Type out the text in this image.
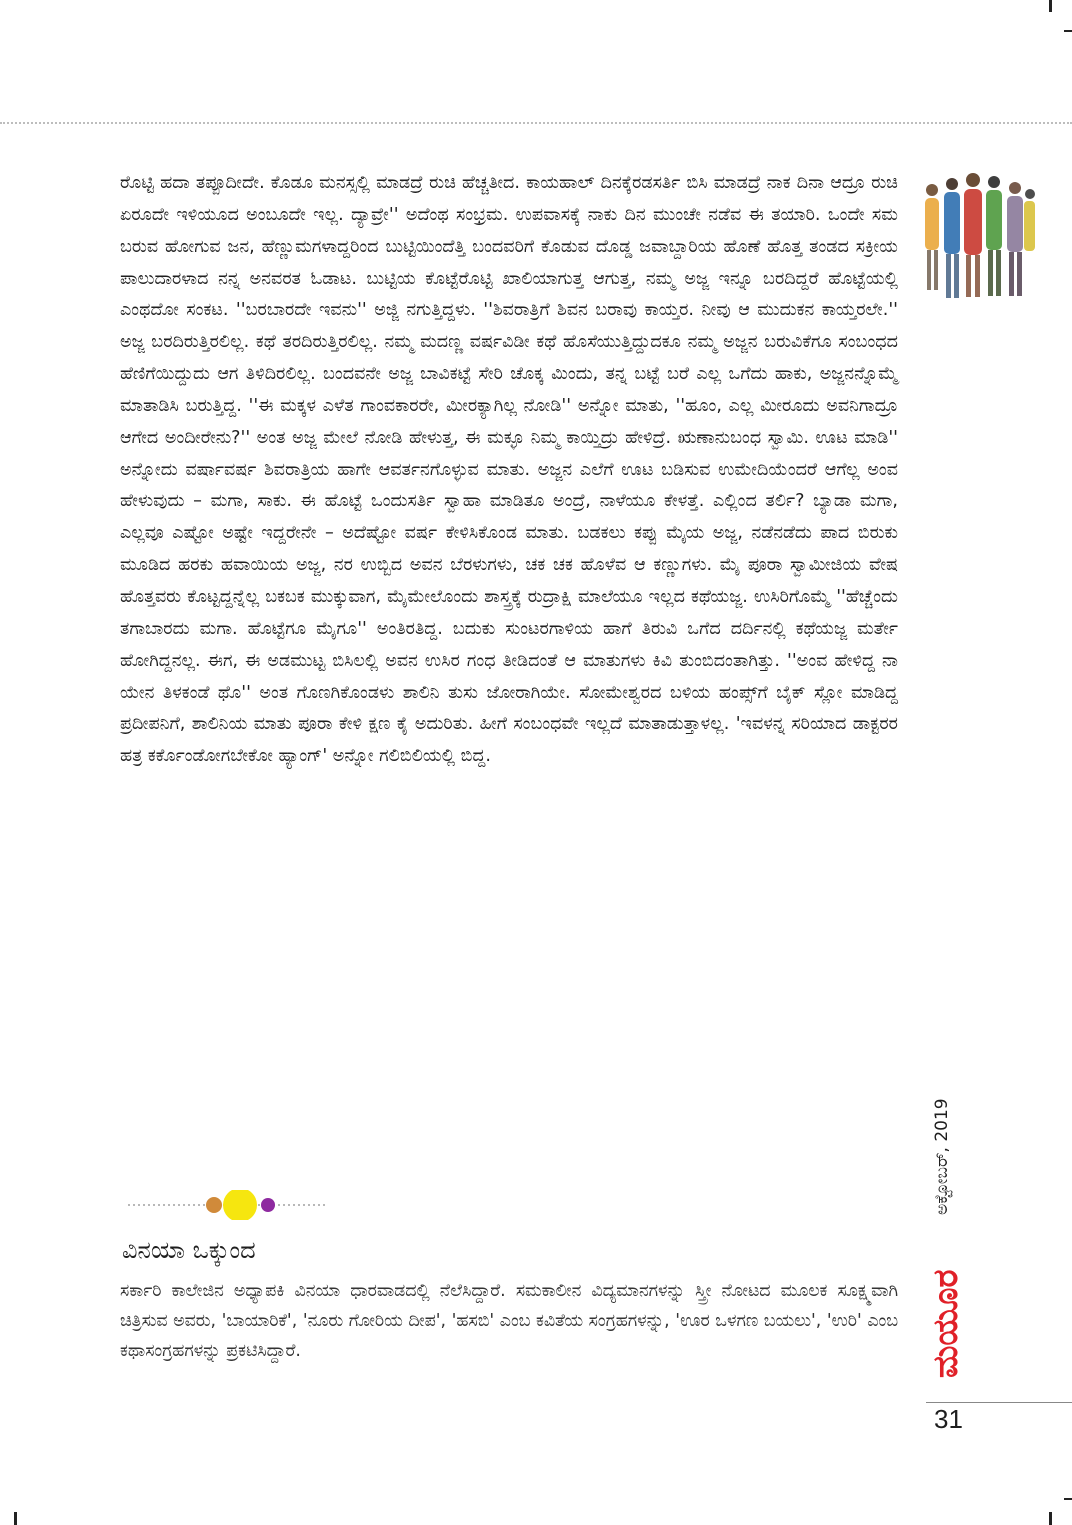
ರೊಟ್ಟಿ ಹದಾ ತಪ್ಪೂದೀದೇ. ಕೊಡೂ ಮನಸ್ಸಲ್ಲಿ ಮಾಡದ್ರೆ ರುಚಿ ಹೆಚ್ಚತೀದ. ಕಾಯಹಾಲ್ ದಿನಕ್ಕೆರಡಸರ್ತಿ ಬಿಸಿ ಮಾಡದ್ರೆ ನಾಕ ದಿನಾ ಆದ್ರೂ ರುಚಿ ಏರೂದೇ ಇಳಿಯೂದ ಅಂಬೂದೇ ಇಲ್ಲ. ದ್ಯಾವ್ರೇ'' ಅದೆಂಥ ಸಂಭ್ರಮ. ಉಪವಾಸಕ್ಕೆ ನಾಕು ದಿನ ಮುಂಚೇ ನಡೆವ ಈ ತಯಾರಿ. ಒಂದೇ ಸಮ ಬರುವ ಹೋಗುವ ಜನ, ಹೆಣ್ಣುಮಗಳಾದ್ದರಿಂದ ಬುಟ್ಟಿಯಿಂದೆತ್ತಿ ಬಂದವರಿಗೆ ಕೊಡುವ ದೊಡ್ಡ ಜವಾಬ್ದಾರಿಯ ಹೊಣೆ ಹೊತ್ತ ತಂಡದ ಸಕ್ರೀಯ ಪಾಲುದಾರಳಾದ ನನ್ನ ಅನವರತ ಓಡಾಟ. ಬುಟ್ಟಿಯ ಕೊಟ್ಟೆರೊಟ್ಟಿ ಖಾಲಿಯಾಗುತ್ತ ಆಗುತ್ತ, ನಮ್ಮ ಅಜ್ಜ ಇನ್ನೂ ಬರದಿದ್ದರೆ ಹೊಟ್ಟೆಯಲ್ಲಿ ಎಂಥದೋ ಸಂಕಟ. ''ಬರಬಾರದೇ ಇವನು'' ಅಜ್ಜಿ ನಗುತ್ತಿದ್ದಳು. ''ಶಿವರಾತ್ರಿಗೆ ಶಿವನ ಬರಾವು ಕಾಯ್ತರ. ನೀವು ಆ ಮುದುಕನ ಕಾಯ್ತರಲೇ.'' ಅಜ್ಜ ಬರದಿರುತ್ತಿರಲಿಲ್ಲ. ಕಥೆ ತರದಿರುತ್ತಿರಲಿಲ್ಲ. ನಮ್ಮ ಮದಣ್ಣ ವರ್ಷವಿಡೀ ಕಥೆ ಹೊಸೆಯುತ್ತಿದ್ದುದಕೂ ನಮ್ಮ ಅಜ್ಜನ ಬರುವಿಕೆಗೂ ಸಂಬಂಧದ ಹೆಣಿಗೆಯಿದ್ದುದು ಆಗ ತಿಳಿದಿರಲಿಲ್ಲ. ಬಂದವನೇ ಅಜ್ಜ ಬಾವಿಕಟ್ಟೆ ಸೇರಿ ಚೊಕ್ಕ ಮಿಂದು, ತನ್ನ ಬಟ್ಟೆ ಬರೆ ಎಲ್ಲ ಒಗೆದು ಹಾಕು, ಅಜ್ಜನನ್ನೊಮ್ಮೆ ಮಾತಾಡಿಸಿ ಬರುತ್ತಿದ್ದ. ''ಈ ಮಕ್ಕಳ ಎಳೆತ ಗಾಂವಕಾರರೇ, ಮೀರಕ್ಯಾಗಿಲ್ಲ ನೋಡಿ'' ಅನ್ನೋ ಮಾತು, ''ಹೂಂ, ಎಲ್ಲ ಮೀರೂದು ಅವನಿಗಾದ್ರೂ ಆಗೇದ ಅಂದೀರೇನು?'' ಅಂತ ಅಜ್ಜ ಮೇಲೆ ನೋಡಿ ಹೇಳುತ್ತ, ಈ ಮಕ್ಳೂ ನಿಮ್ಮ ಕಾಯ್ತಿದ್ರು ಹೇಳಿದ್ರೆ. ಋಣಾನುಬಂಧ ಸ್ವಾಮಿ. ಊಟ ಮಾಡಿ'' ಅನ್ನೋದು ವರ್ಷಾವರ್ಷ ಶಿವರಾತ್ರಿಯ ಹಾಗೇ ಆವರ್ತನಗೊಳ್ಳುವ ಮಾತು. ಅಜ್ಜನ ಎಲೆಗೆ ಊಟ ಬಡಿಸುವ ಉಮೇದಿಯೆಂದರೆ ಆಗೆಲ್ಲ ಅಂವ ಹೇಳುವುದು – ಮಗಾ, ಸಾಕು. ಈ ಹೊಟ್ಟೆ ಒಂದುಸರ್ತಿ ಸ್ವಾಹಾ ಮಾಡಿತೂ ಅಂದ್ರೆ, ನಾಳೆಯೂ ಕೇಳತ್ತೆ. ಎಲ್ಲಿಂದ ತರ್ಲಿ? ಬ್ಯಾಡಾ ಮಗಾ, ಎಲ್ಲವೂ ಎಷ್ಟೋ ಅಷ್ಟೇ ಇದ್ದರೇನೇ – ಅದೆಷ್ಟೋ ವರ್ಷ ಕೇಳಿಸಿಕೊಂಡ ಮಾತು. ಬಡಕಲು ಕಪ್ಪು ಮೈಯ ಅಜ್ಜ, ನಡೆನಡೆದು ಪಾದ ಬಿರುಕು ಮೂಡಿದ ಹರಕು ಹವಾಯಿಯ ಅಜ್ಜ, ನರ ಉಬ್ಬಿದ ಅವನ ಬೆರಳುಗಳು, ಚಕ ಚಕ ಹೊಳೆವ ಆ ಕಣ್ಣುಗಳು. ಮೈ ಪೂರಾ ಸ್ವಾಮೀಜಿಯ ವೇಷ ಹೊತ್ತವರು ಕೊಟ್ಟದ್ದನ್ನೆಲ್ಲ ಬಕಬಕ ಮುಕ್ಕುವಾಗ, ಮೈಮೇಲೊಂದು ಶಾಸ್ತ್ರಕ್ಕೆ ರುದ್ರಾಕ್ಷಿ ಮಾಲೆಯೂ ಇಲ್ಲದ ಕಥೆಯಜ್ಜ. ಉಸಿರಿಗೊಮ್ಮೆ ''ಹೆಚ್ಚೆಂದು ತಗಾಬಾರದು ಮಗಾ. ಹೊಟ್ಟೆಗೂ ಮೈಗೂ'' ಅಂತಿರತಿದ್ದ. ಬದುಕು ಸುಂಟರಗಾಳಿಯ ಹಾಗೆ ತಿರುವಿ ಒಗೆದ ದರ್ದಿನಲ್ಲಿ ಕಥೆಯಜ್ಜ ಮರ್ತೇ ಹೋಗಿದ್ದನಲ್ಲ. ಈಗ, ಈ ಅಡಮುಟ್ಟ ಬಿಸಿಲಲ್ಲಿ ಅವನ ಉಸಿರ ಗಂಧ ತೀಡಿದಂತೆ ಆ ಮಾತುಗಳು ಕಿವಿ ತುಂಬಿದಂತಾಗಿತ್ತು. ''ಅಂವ ಹೇಳಿದ್ದ ನಾ ಯೇನ ತಿಳಕಂಡೆ ಥೊ'' ಅಂತ ಗೊಣಗಿಕೊಂಡಳು ಶಾಲಿನಿ ತುಸು ಜೋರಾಗಿಯೇ. ಸೋಮೇಶ್ವರದ ಬಳಿಯ ಹಂಪ್ಸ್‌ಗೆ ಬೈಕ್ ಸ್ಲೋ ಮಾಡಿದ್ದ ಪ್ರದೀಪನಿಗೆ, ಶಾಲಿನಿಯ ಮಾತು ಪೂರಾ ಕೇಳಿ ಕ್ಷಣ ಕೈ ಅದುರಿತು. ಹೀಗೆ ಸಂಬಂಧವೇ ಇಲ್ಲದೆ ಮಾತಾಡುತ್ತಾಳಲ್ಲ. 'ಇವಳನ್ನ ಸರಿಯಾದ ಡಾಕ್ಟರರ ಹತ್ರ ಕರ್ಕೊಂಡೋಗಬೇಕೋ ಹ್ಯಾಂಗ್' ಅನ್ನೋ ಗಲಿಬಿಲಿಯಲ್ಲಿ ಬಿದ್ದ.

ವಿನಯಾ ಒಕ್ಕುಂದ

ಸರ್ಕಾರಿ ಕಾಲೇಜಿನ ಅಧ್ಯಾಪಕಿ ವಿನಯಾ ಧಾರವಾಡದಲ್ಲಿ ನೆಲೆಸಿದ್ದಾರೆ. ಸಮಕಾಲೀನ ವಿದ್ಯಮಾನಗಳನ್ನು ಸ್ತ್ರೀ ನೋಟದ ಮೂಲಕ ಸೂಕ್ಷ್ಮವಾಗಿ ಚಿತ್ರಿಸುವ ಅವರು, 'ಬಾಯಾರಿಕೆ', 'ನೂರು ಗೋರಿಯ ದೀಪ', 'ಹಸಬಿ' ಎಂಬ ಕವಿತೆಯ ಸಂಗ್ರಹಗಳನ್ನು, 'ಊರ ಒಳಗಣ ಬಯಲು', 'ಉರಿ' ಎಂಬ ಕಥಾಸಂಗ್ರಹಗಳನ್ನು ಪ್ರಕಟಿಸಿದ್ದಾರೆ.

ಅಕ್ಟೋಬರ್, 2019
ಮಯೂರ
31
